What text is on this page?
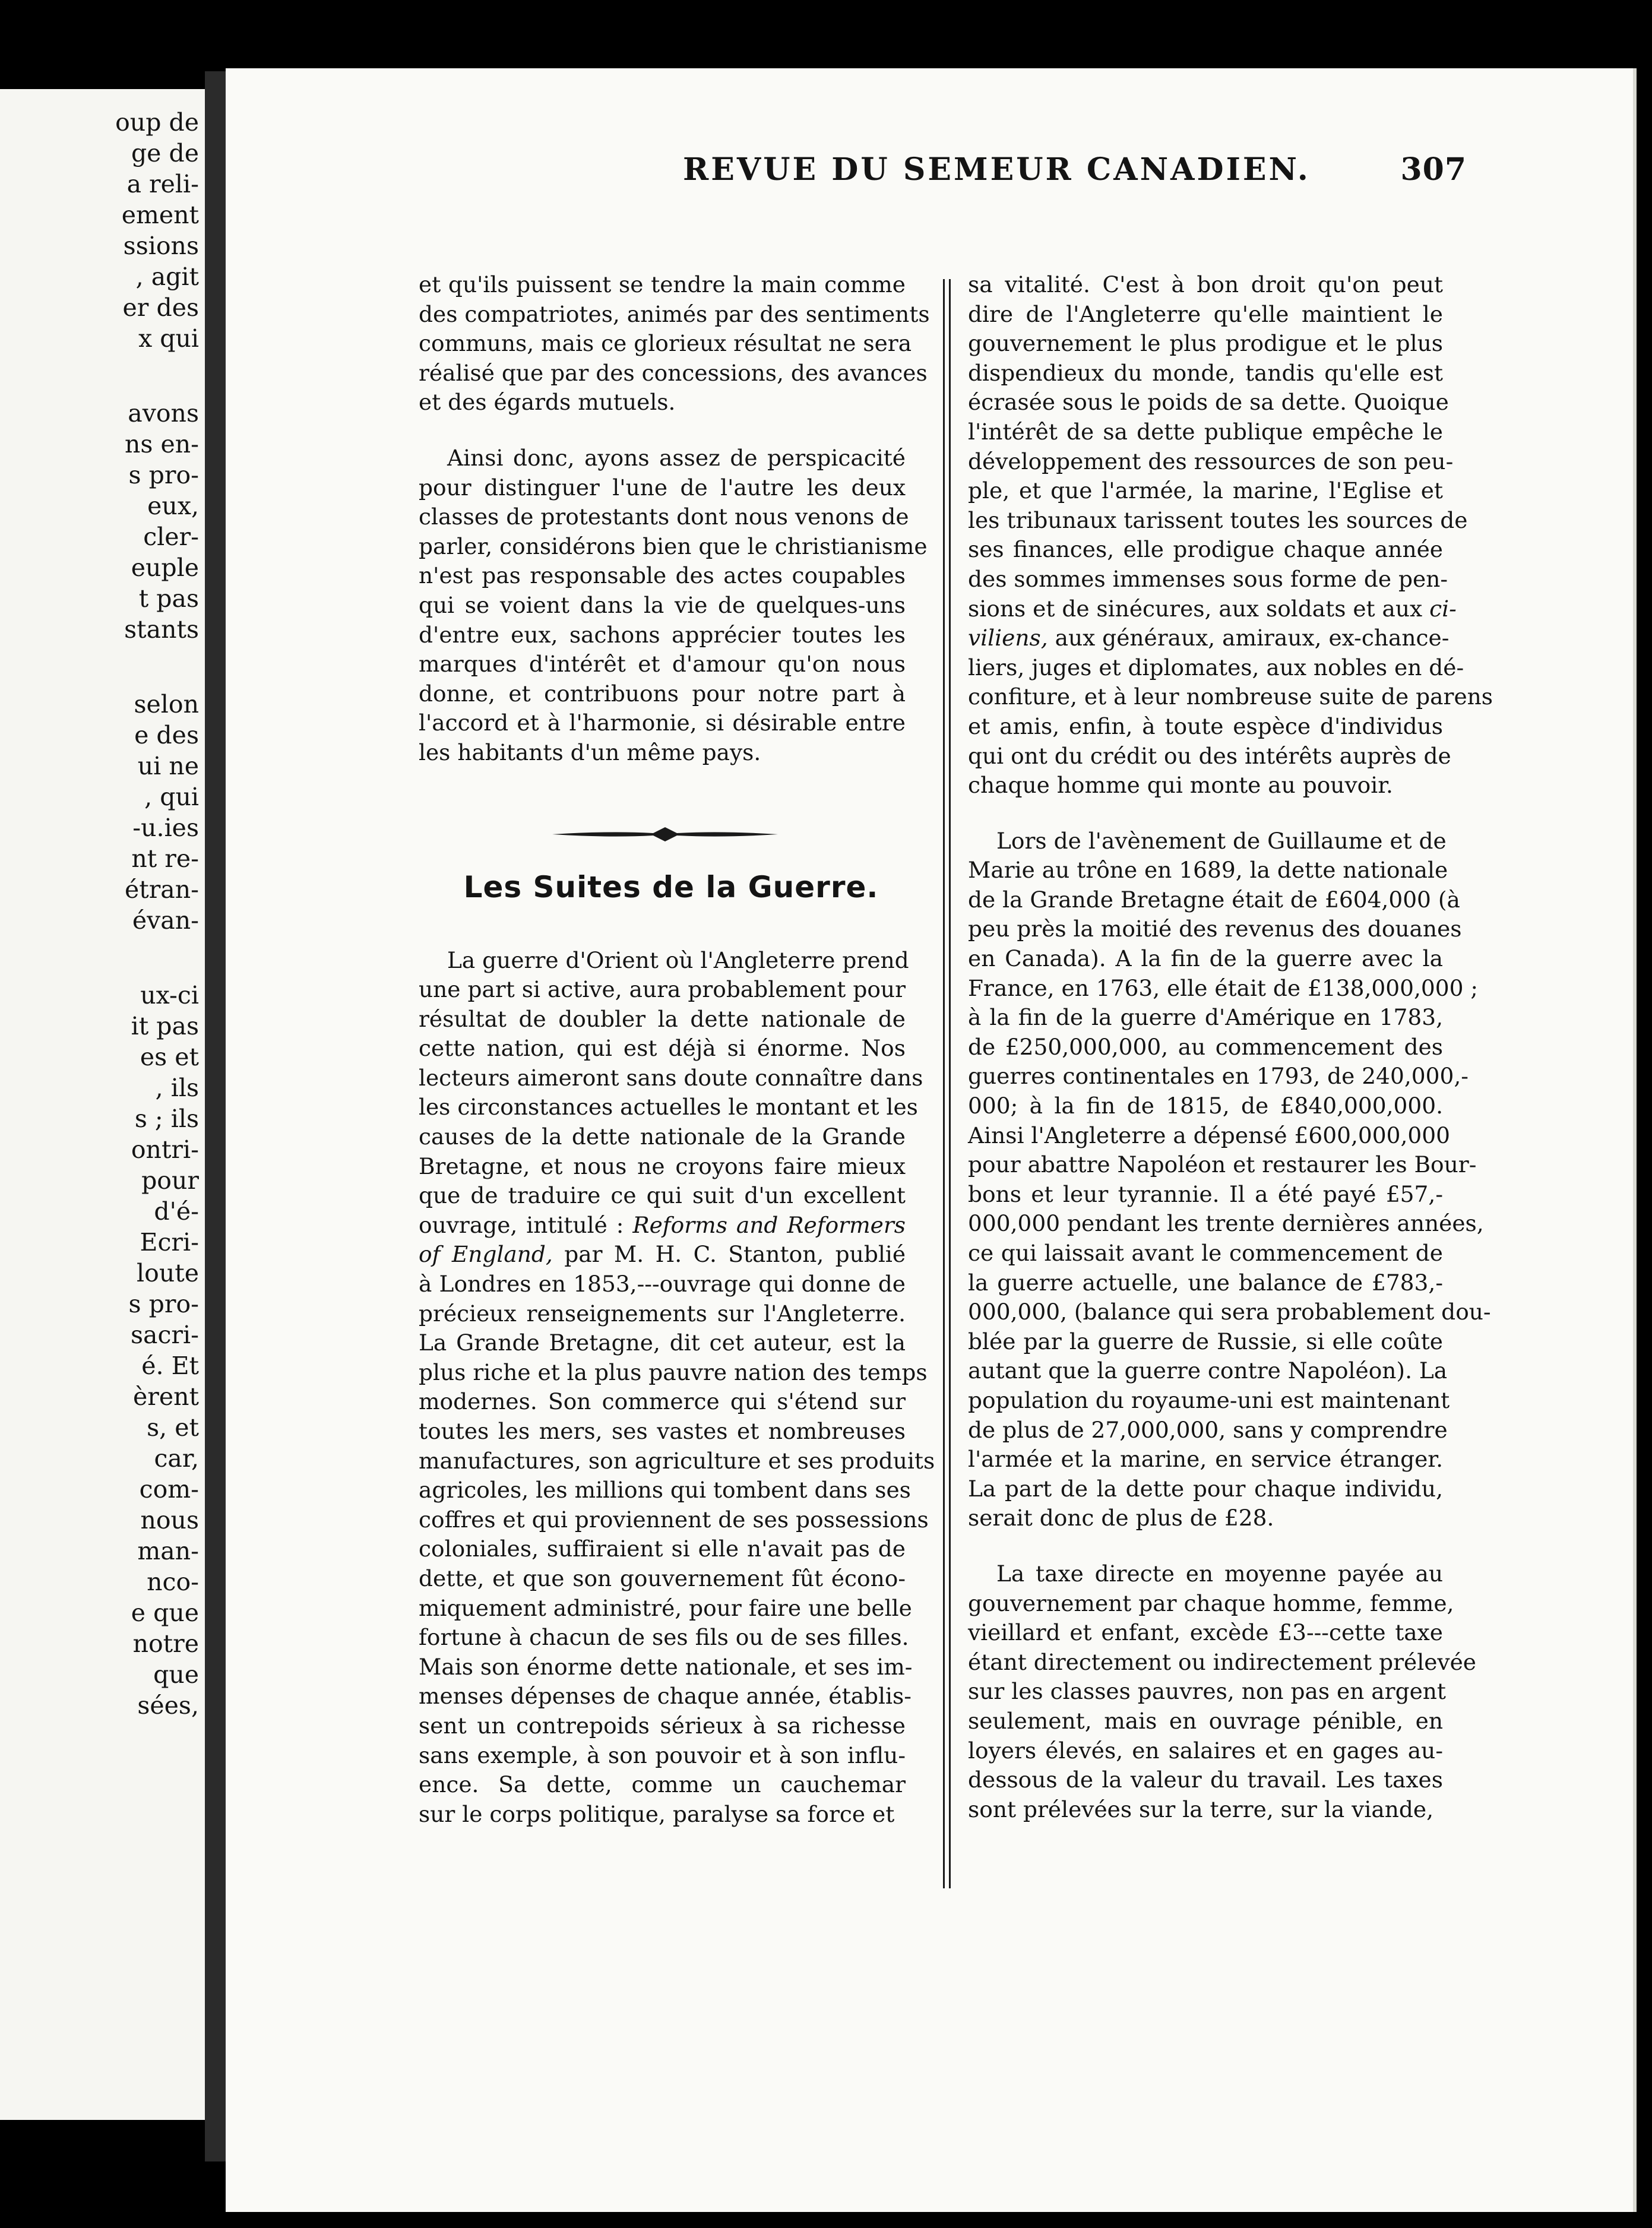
oup de
ge de
a reli-
ement
ssions
, agit
er des
x qui
avons
ns en-
s pro-
eux,
cler-
euple
t pas
stants
selon
e des
ui ne
, qui
-u.ies
nt re-
étran-
évan-
ux-ci
it pas
es et
, ils
s ; ils
ontri-
pour
d'é-
Ecri-
loute
s pro-
sacri-
é. Et
èrent
s, et
car,
com-
nous
man-
nco-
e que
notre
que
sées,
REVUE DU SEMEUR CANADIEN.	307

et qu'ils puissent se tendre la main comme
des compatriotes, animés par des sentiments
communs, mais ce glorieux résultat ne sera
réalisé que par des concessions, des avances
et des égards mutuels.

Ainsi donc, ayons assez de perspicacité
pour distinguer l'une de l'autre les deux
classes de protestants dont nous venons de
parler, considérons bien que le christianisme
n'est pas responsable des actes coupables
qui se voient dans la vie de quelques-uns
d'entre eux, sachons apprécier toutes les
marques d'intérêt et d'amour qu'on nous
donne, et contribuons pour notre part à
l'accord et à l'harmonie, si désirable entre
les habitants d'un même pays.

La guerre d'Orient où l'Angleterre prend
une part si active, aura probablement pour
résultat de doubler la dette nationale de
cette nation, qui est déjà si énorme. Nos
lecteurs aimeront sans doute connaître dans
les circonstances actuelles le montant et les
causes de la dette nationale de la Grande
Bretagne, et nous ne croyons faire mieux
que de traduire ce qui suit d'un excellent
ouvrage, intitulé : Reforms and Reformers
of England, par M. H. C. Stanton, publié
à Londres en 1853,---ouvrage qui donne de
précieux renseignements sur l'Angleterre.
La Grande Bretagne, dit cet auteur, est la
plus riche et la plus pauvre nation des temps
modernes. Son commerce qui s'étend sur
toutes les mers, ses vastes et nombreuses
manufactures, son agriculture et ses produits
agricoles, les millions qui tombent dans ses
coffres et qui proviennent de ses possessions
coloniales, suffiraient si elle n'avait pas de
dette, et que son gouvernement fût écono-
miquement administré, pour faire une belle
fortune à chacun de ses fils ou de ses filles.
Mais son énorme dette nationale, et ses im-
menses dépenses de chaque année, établis-
sent un contrepoids sérieux à sa richesse
sans exemple, à son pouvoir et à son influ-
ence. Sa dette, comme un cauchemar
sur le corps politique, paralyse sa force et

Les Suites de la Guerre.

sa vitalité. C'est à bon droit qu'on peut
dire de l'Angleterre qu'elle maintient le
gouvernement le plus prodigue et le plus
dispendieux du monde, tandis qu'elle est
écrasée sous le poids de sa dette. Quoique
l'intérêt de sa dette publique empêche le
développement des ressources de son peu-
ple, et que l'armée, la marine, l'Eglise et
les tribunaux tarissent toutes les sources de
ses finances, elle prodigue chaque année
des sommes immenses sous forme de pen-
sions et de sinécures, aux soldats et aux ci-
viliens, aux généraux, amiraux, ex-chance-
liers, juges et diplomates, aux nobles en dé-
confiture, et à leur nombreuse suite de parens
et amis, enfin, à toute espèce d'individus
qui ont du crédit ou des intérêts auprès de
chaque homme qui monte au pouvoir.

Lors de l'avènement de Guillaume et de
Marie au trône en 1689, la dette nationale
de la Grande Bretagne était de £604,000 (à
peu près la moitié des revenus des douanes
en Canada). A la fin de la guerre avec la
France, en 1763, elle était de £138,000,000 ;
à la fin de la guerre d'Amérique en 1783,
de £250,000,000, au commencement des
guerres continentales en 1793, de 240,000,-
000; à la fin de 1815, de £840,000,000.
Ainsi l'Angleterre a dépensé £600,000,000
pour abattre Napoléon et restaurer les Bour-
bons et leur tyrannie. Il a été payé £57,-
000,000 pendant les trente dernières années,
ce qui laissait avant le commencement de
la guerre actuelle, une balance de £783,-
000,000, (balance qui sera probablement dou-
blée par la guerre de Russie, si elle coûte
autant que la guerre contre Napoléon). La
population du royaume-uni est maintenant
de plus de 27,000,000, sans y comprendre
l'armée et la marine, en service étranger.
La part de la dette pour chaque individu,
serait donc de plus de £28.

La taxe directe en moyenne payée au
gouvernement par chaque homme, femme,
vieillard et enfant, excède £3---cette taxe
étant directement ou indirectement prélevée
sur les classes pauvres, non pas en argent
seulement, mais en ouvrage pénible, en
loyers élevés, en salaires et en gages au-
dessous de la valeur du travail. Les taxes
sont prélevées sur la terre, sur la viande,
